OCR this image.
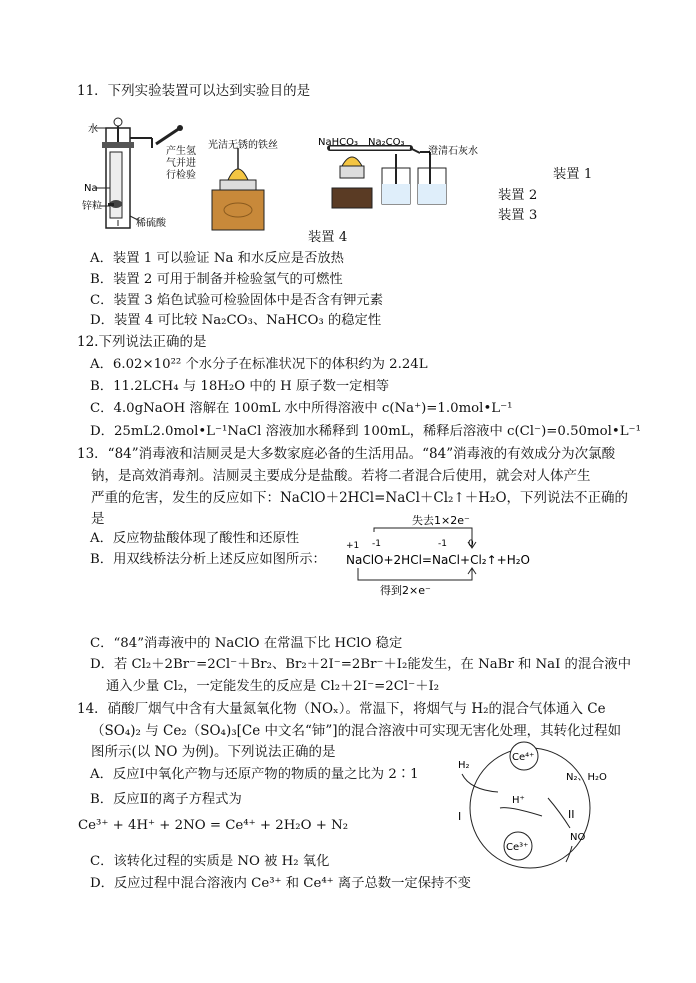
11．下列实验装置可以达到实验目的是
水
产生氢
气并进
行检验
Na
锌粒
稀硫酸
光洁无锈的铁丝	NaHCO₃ Na₂CO₃
澄清石灰水
装置 1
装置 2
装置 3
装置 4
A．装置 1 可以验证 Na 和水反应是否放热
B．装置 2 可用于制备并检验氢气的可燃性
C．装置 3 焰色试验可检验固体中是否含有钾元素
D．装置 4 可比较 Na₂CO₃、NaHCO₃ 的稳定性
12.下列说法正确的是
A．6.02×10²² 个水分子在标准状况下的体积约为 2.24L
B．11.2LCH₄ 与 18H₂O 中的 H 原子数一定相等
C．4.0gNaOH 溶解在 100mL 水中所得溶液中 c(Na⁺)=1.0mol•L⁻¹
D．25mL2.0mol•L⁻¹NaCl 溶液加水稀释到 100mL，稀释后溶液中 c(Cl⁻)=0.50mol•L⁻¹
13．“84”消毒液和洁厕灵是大多数家庭必备的生活用品。“84”消毒液的有效成分为次氯酸
钠，是高效消毒剂。洁厕灵主要成分是盐酸。若将二者混合后使用，就会对人体产生
严重的危害，发生的反应如下：NaClO＋2HCl=NaCl＋Cl₂↑＋H₂O，下列说法不正确的
是
A．反应物盐酸体现了酸性和还原性
B．用双线桥法分析上述反应如图所示：
失去1×2e⁻
+1 -1	-1 0
NaClO+2HCl=NaCl+Cl₂↑+H₂O
得到2×e⁻
C．“84”消毒液中的 NaClO 在常温下比 HClO 稳定
D．若 Cl₂＋2Br⁻=2Cl⁻＋Br₂、Br₂＋2I⁻=2Br⁻＋I₂能发生，在 NaBr 和 NaI 的混合液中
通入少量 Cl₂，一定能发生的反应是 Cl₂＋2I⁻=2Cl⁻＋I₂
14．硝酸厂烟气中含有大量氮氧化物（NOₓ）。常温下，将烟气与 H₂的混合气体通入 Ce
（SO₄)₂ 与 Ce₂（SO₄)₃[Ce 中文名“铈”]的混合溶液中可实现无害化处理，其转化过程如
图所示(以 NO 为例)。下列说法正确的是
A．反应Ⅰ中氧化产物与还原产物的物质的量之比为 2∶1
B．反应Ⅱ的离子方程式为
Ce³⁺ + 4H⁺ + 2NO = Ce⁴⁺ + 2H₂O + N₂
C．该转化过程的实质是 NO 被 H₂ 氧化
D．反应过程中混合溶液内 Ce³⁺ 和 Ce⁴⁺ 离子总数一定保持不变
Ce⁴⁺
Ce³⁺
H₂
H⁺
N₂、H₂O
NO
I	II
